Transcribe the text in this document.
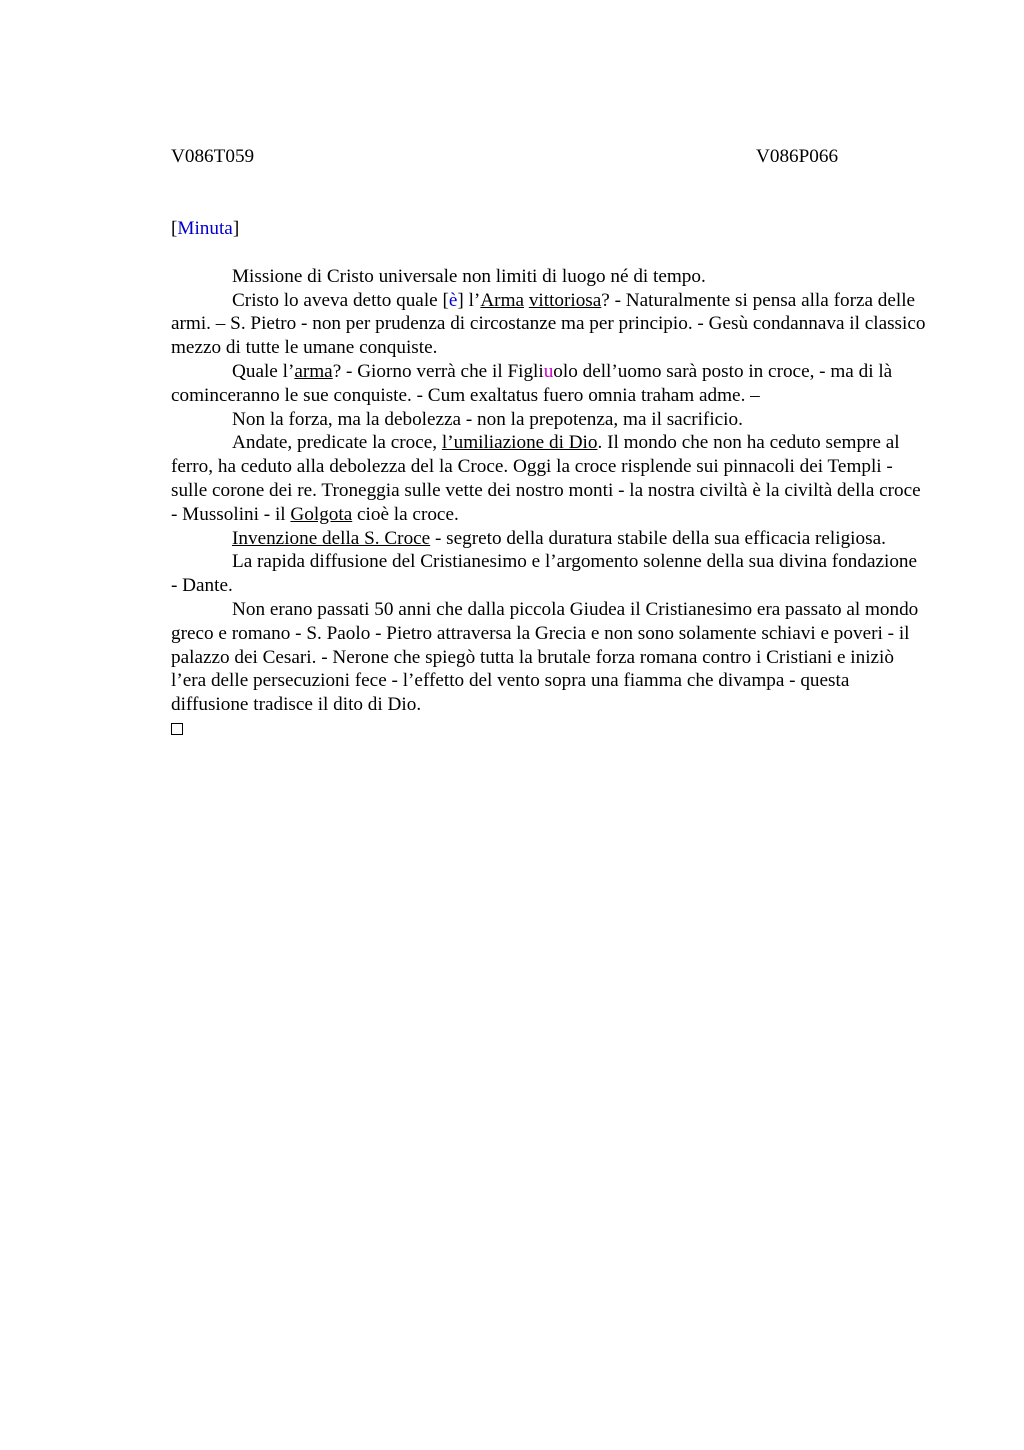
V086T059	V086P066
[Minuta]

Missione di Cristo universale non limiti di luogo né di tempo.

Cristo lo aveva detto quale [è] l’Arma vittoriosa? - Naturalmente si pensa alla forza delle armi. – S. Pietro - non per prudenza di circostanze ma per principio. - Gesù condannava il classico mezzo di tutte le umane conquiste.

Quale l’arma? - Giorno verrà che il Figliuolo dell’uomo sarà posto in croce, - ma di là cominceranno le sue conquiste. - Cum exaltatus fuero omnia traham adme. –

Non la forza, ma la debolezza - non la prepotenza, ma il sacrificio.

Andate, predicate la croce, l’umiliazione di Dio. Il mondo che non ha ceduto sempre al ferro, ha ceduto alla debolezza del la Croce. Oggi la croce risplende sui pinnacoli dei Templi - sulle corone dei re. Troneggia sulle vette dei nostro monti - la nostra civiltà è la civiltà della croce - Mussolini - il Golgota cioè la croce.

Invenzione della S. Croce - segreto della duratura stabile della sua efficacia religiosa.

La rapida diffusione del Cristianesimo e l’argomento solenne della sua divina fondazione - Dante.

Non erano passati 50 anni che dalla piccola Giudea il Cristianesimo era passato al mondo greco e romano - S. Paolo - Pietro attraversa la Grecia e non sono solamente schiavi e poveri - il palazzo dei Cesari. - Nerone che spiegò tutta la brutale forza romana contro i Cristiani e iniziò l’era delle persecuzioni fece - l’effetto del vento sopra una fiamma che divampa - questa diffusione tradisce il dito di Dio.
